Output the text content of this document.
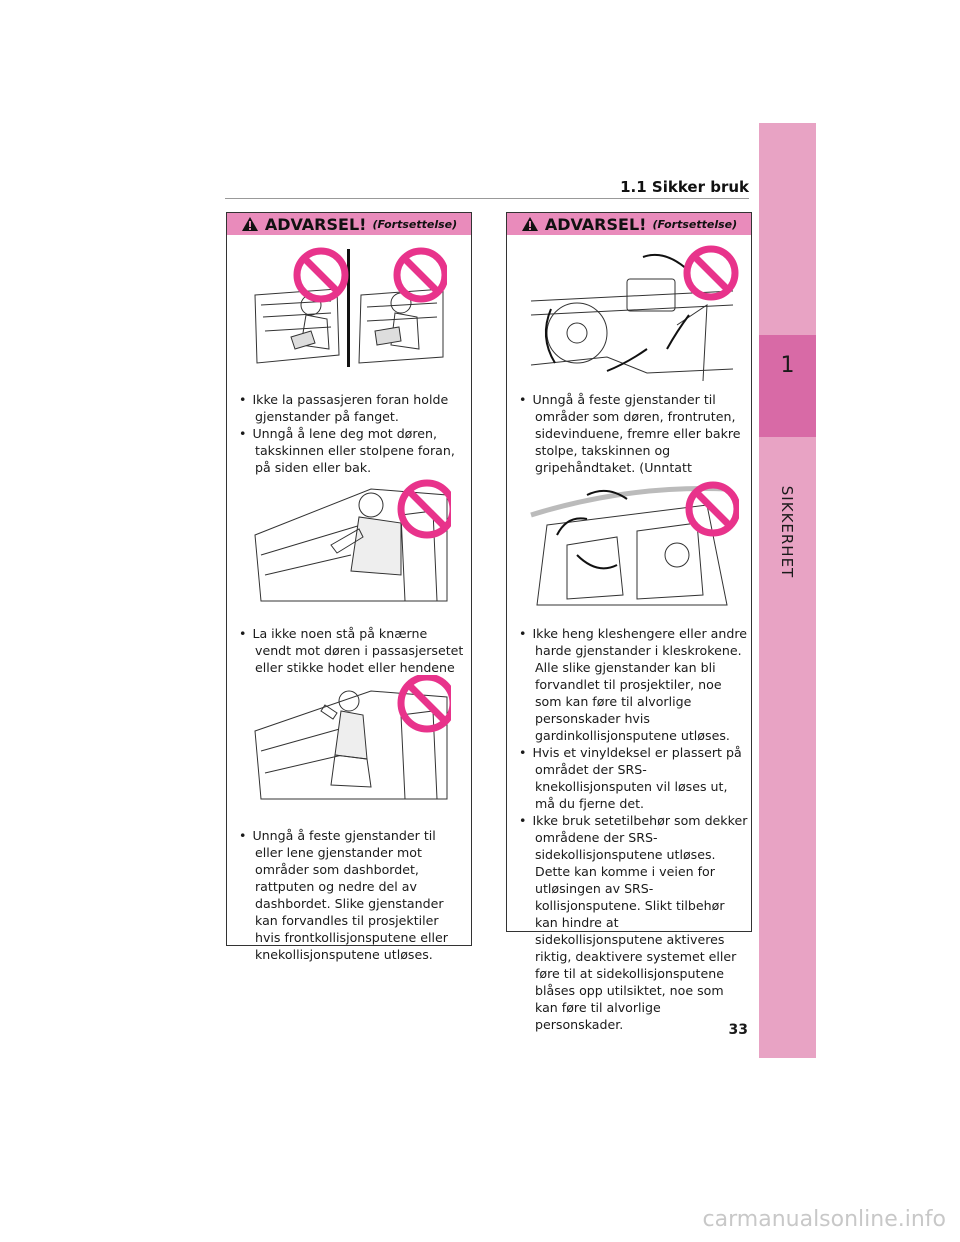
1
SIKKERHET
1.1 Sikker bruk
ADVARSEL! (Fortsettelse)
• Ikke la passasjeren foran holde gjenstander på fanget.
• Unngå å lene deg mot døren, takskinnen eller stolpene foran, på siden eller bak.
• La ikke noen stå på knærne vendt mot døren i passasjersetet eller stikke hodet eller hendene
• Unngå å feste gjenstander til eller lene gjenstander mot områder som dashbordet, rattputen og nedre del av dashbordet. Slike gjenstander kan forvandles til prosjektiler hvis frontkollisjonsputene eller knekollisjonsputene utløses.
ADVARSEL! (Fortsettelse)
• Unngå å feste gjenstander til områder som døren, frontruten, sidevinduene, fremre eller bakre stolpe, takskinnen og gripehåndtaket. (Unntatt
• Ikke heng kleshengere eller andre harde gjenstander i kleskrokene. Alle slike gjenstander kan bli forvandlet til prosjektiler, noe som kan føre til alvorlige personskader hvis gardinkollisjonsputene utløses.
• Hvis et vinyldeksel er plassert på området der SRS-knekollisjonsputen vil løses ut, må du fjerne det.
• Ikke bruk setetilbehør som dekker områdene der SRS-sidekollisjonsputene utløses. Dette kan komme i veien for utløsingen av SRS-kollisjonsputene. Slikt tilbehør kan hindre at sidekollisjonsputene aktiveres riktig, deaktivere systemet eller føre til at sidekollisjonsputene blåses opp utilsiktet, noe som kan føre til alvorlige personskader.	33
carmanualsonline.info
